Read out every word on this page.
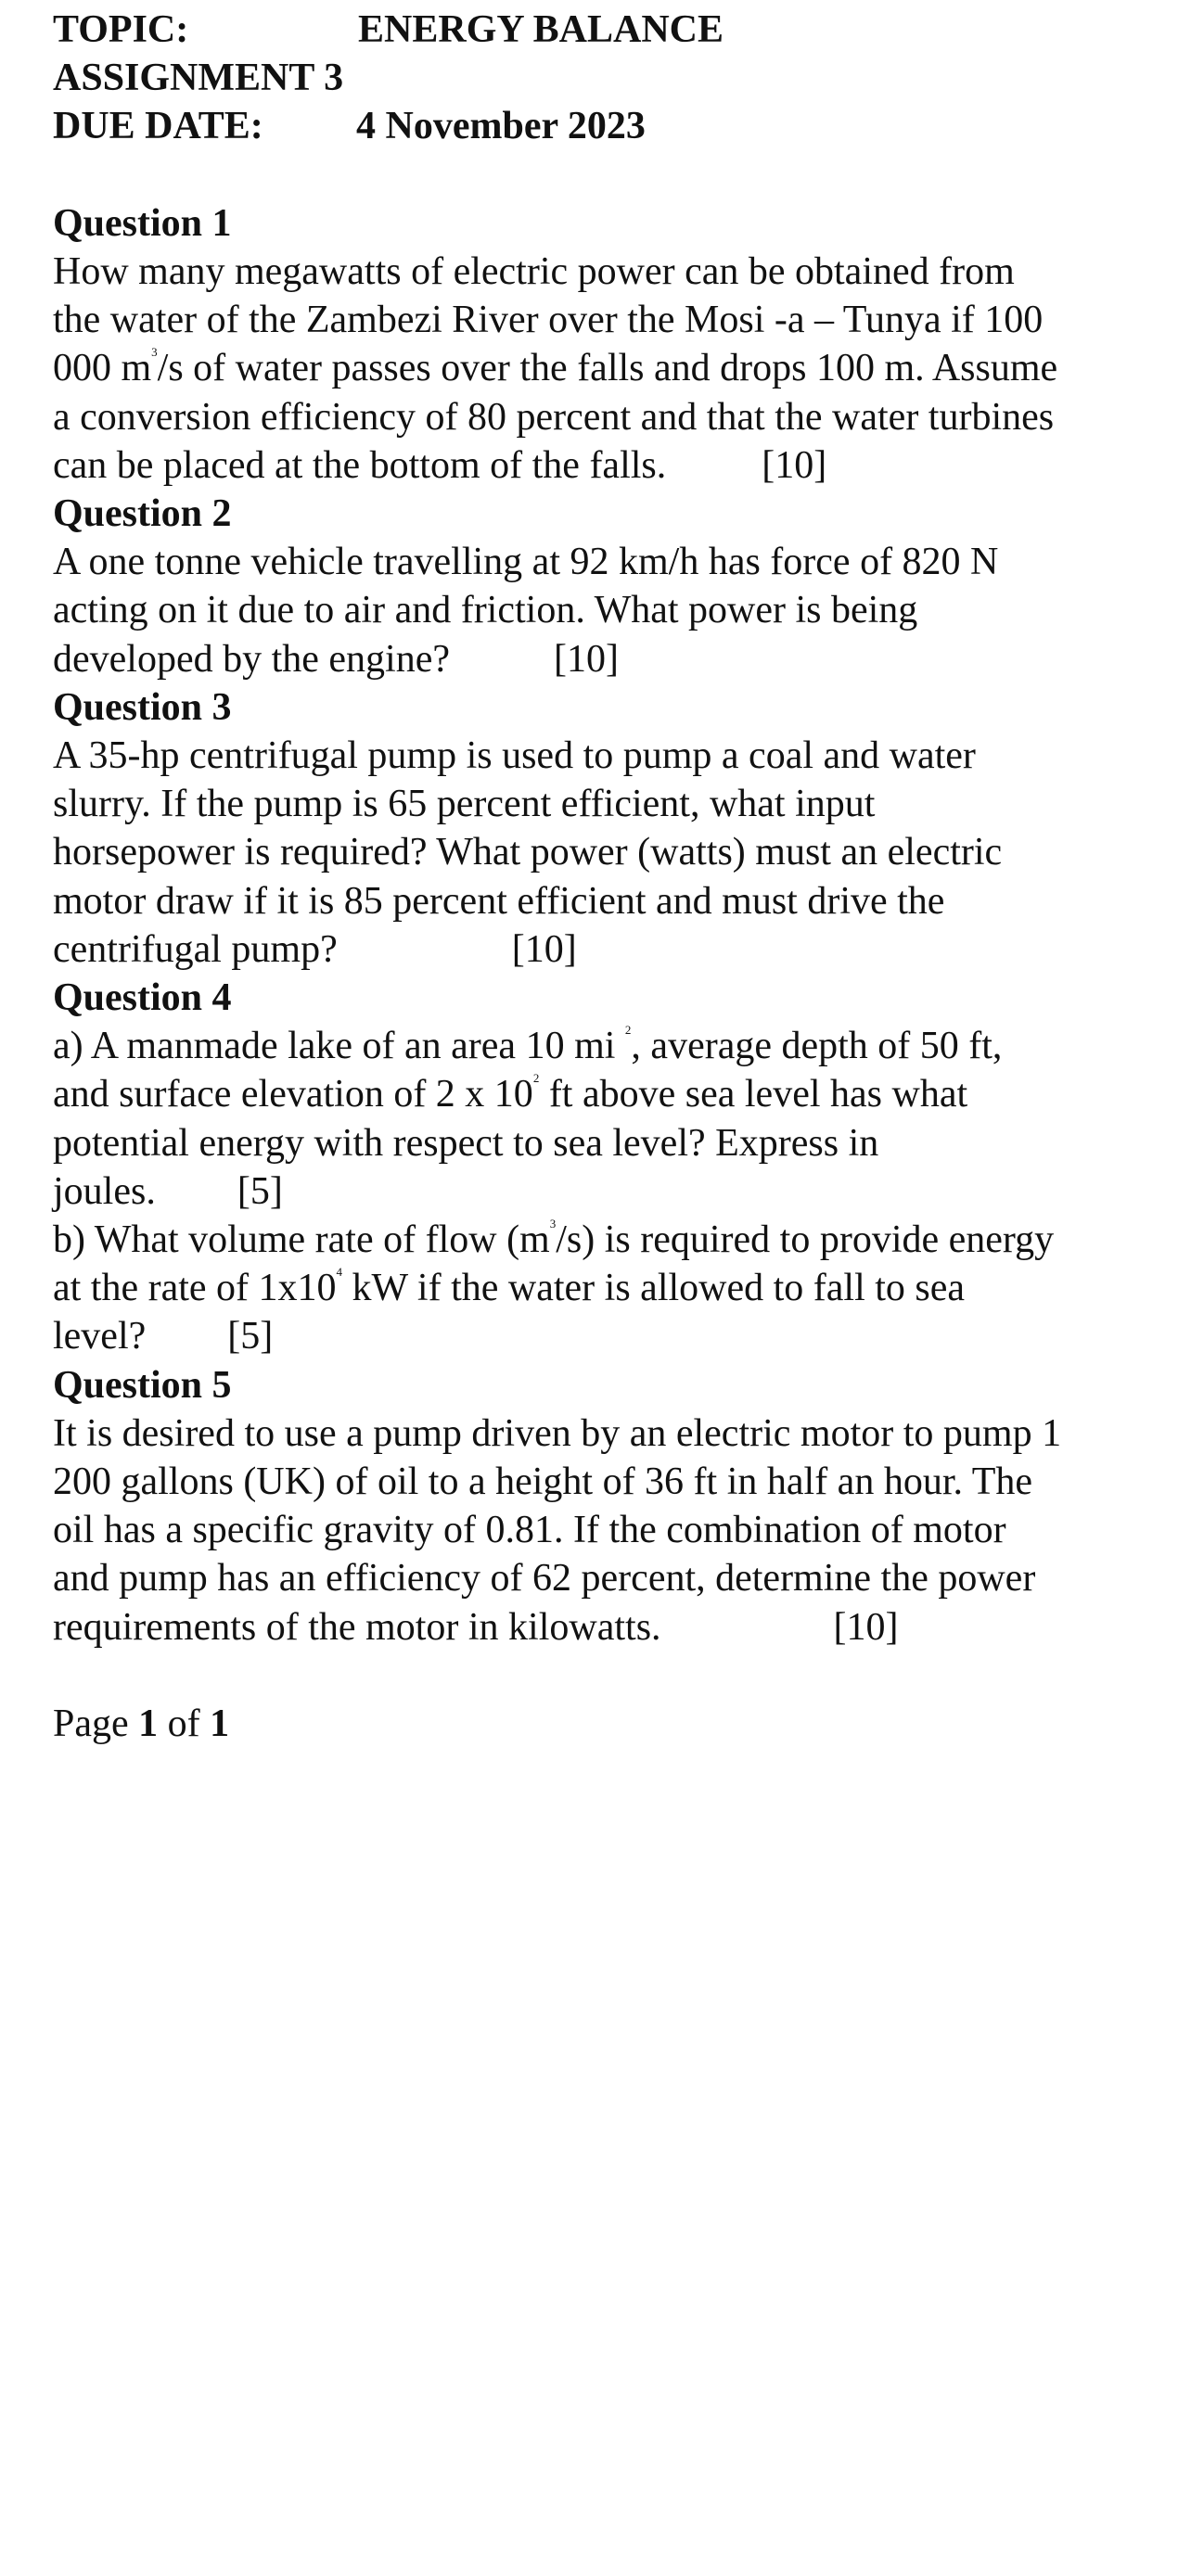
TOPIC:	ENERGY BALANCE
ASSIGNMENT 3
DUE DATE: 4 November 2023
Question 1
How many megawatts of electric power can be obtained from
the water of the Zambezi River over the Mosi -a – Tunya if 100
000 $m^3/s$ of water passes over the falls and drops 100 m. Assume
a conversion efficiency of 80 percent and that the water turbines
can be placed at the bottom of the falls. [10]
Question 2
A one tonne vehicle travelling at 92 km/h has force of 820 N
acting on it due to air and friction. What power is being
developed by the engine?	[10]
Question 3
A 35-hp centrifugal pump is used to pump a coal and water
slurry. If the pump is 65 percent efficient, what input
horsepower is required? What power (watts) must an electric
motor draw if it is 85 percent efficient and must drive the
centrifugal pump?	[10]
Question 4
a) A manmade lake of an area 10 mi $^2$, average depth of 50 ft,
and surface elevation of 2 x $10^2$ ft above sea level has what
potential energy with respect to sea level? Express in
joules. [5]
b) What volume rate of flow $(m^3/s)$ is required to provide energy
at the rate of $1x10^4$ kW if the water is allowed to fall to sea
level? [5]
Question 5
It is desired to use a pump driven by an electric motor to pump 1
200 gallons (UK) of oil to a height of 36 ft in half an hour. The
oil has a specific gravity of 0.81. If the combination of motor
and pump has an efficiency of 62 percent, determine the power
requirements of the motor in kilowatts.	[10]
Page 1 of 1
